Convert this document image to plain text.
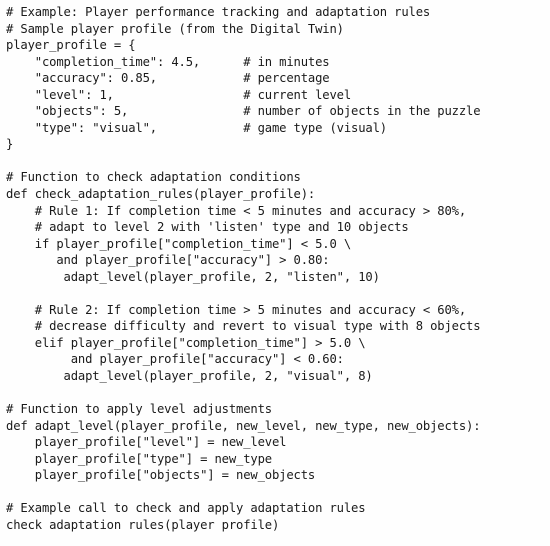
# Example: Player performance tracking and adaptation rules
# Sample player profile (from the Digital Twin)
player_profile = {
"completion_time": 4.5,      # in minutes
"accuracy": 0.85,            # percentage
"level": 1,                  # current level
"objects": 5,                # number of objects in the puzzle
"type": "visual",            # game type (visual)
}
# Function to check adaptation conditions
def check_adaptation_rules(player_profile):
# Rule 1: If completion time < 5 minutes and accuracy > 80%,
# adapt to level 2 with 'listen' type and 10 objects
if player_profile["completion_time"] < 5.0 \
and player_profile["accuracy"] > 0.80:
adapt_level(player_profile, 2, "listen", 10)
# Rule 2: If completion time > 5 minutes and accuracy < 60%,
# decrease difficulty and revert to visual type with 8 objects
elif player_profile["completion_time"] > 5.0 \
and player_profile["accuracy"] < 0.60:
adapt_level(player_profile, 2, "visual", 8)
# Function to apply level adjustments
def adapt_level(player_profile, new_level, new_type, new_objects):
player_profile["level"] = new_level
player_profile["type"] = new_type
player_profile["objects"] = new_objects
# Example call to check and apply adaptation rules
check adaptation rules(player profile)
